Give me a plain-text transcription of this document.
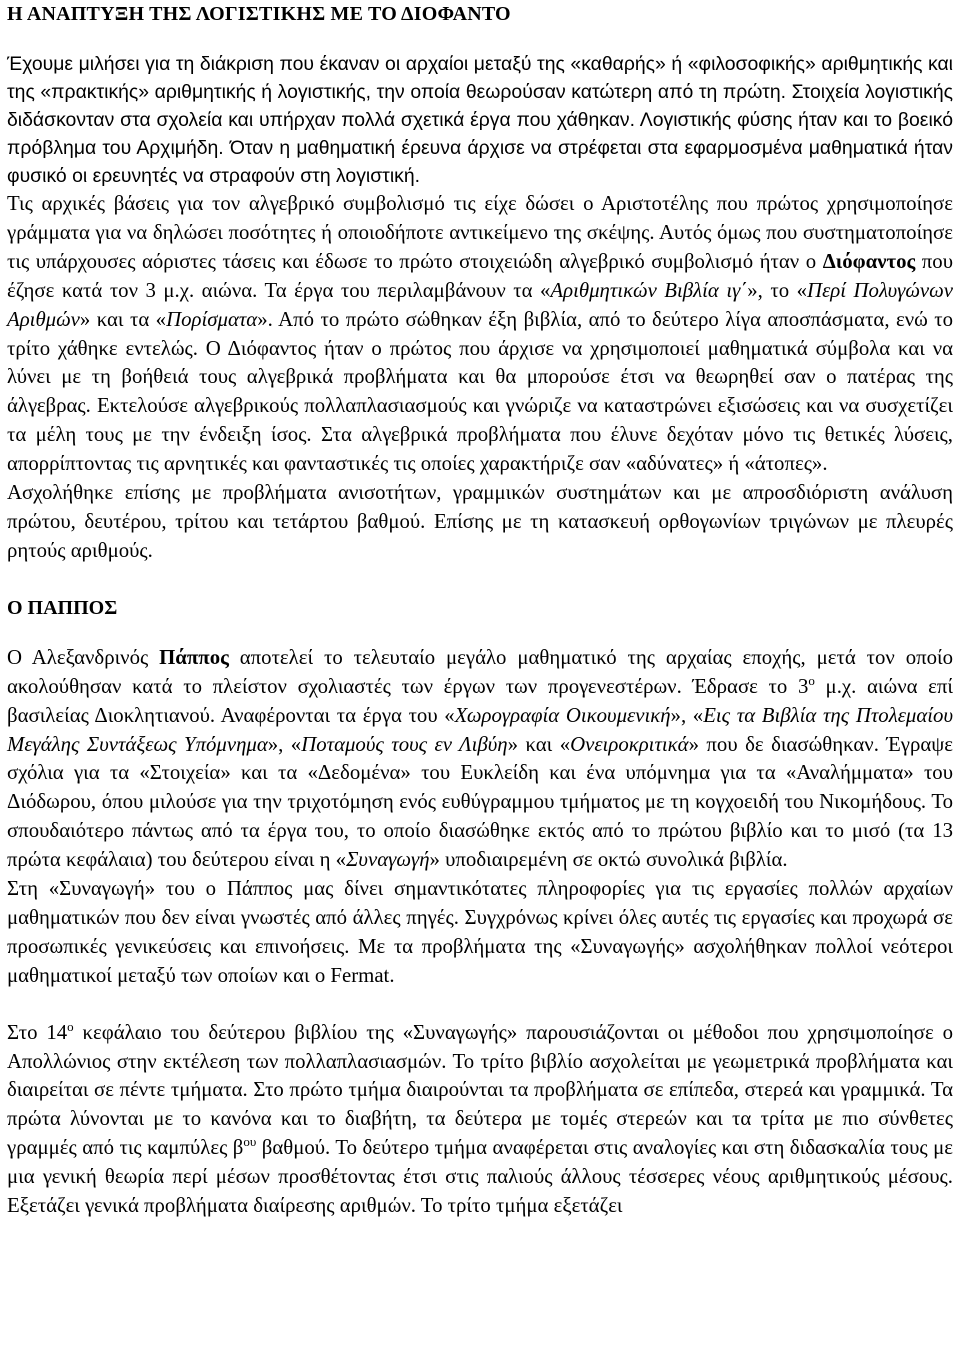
Η ΑΝΑΠΤΥΞΗ ΤΗΣ ΛΟΓΙΣΤΙΚΗΣ ΜΕ ΤΟ ΔΙΟΦΑΝΤΟ

Έχουμε μιλήσει για τη διάκριση που έκαναν οι αρχαίοι μεταξύ της «καθαρής» ή «φιλοσοφικής» αριθμητικής και της «πρακτικής» αριθμητικής ή λογιστικής, την οποία θεωρούσαν κατώτερη από τη πρώτη. Στοιχεία λογιστικής διδάσκονταν στα σχολεία και υπήρχαν πολλά σχετικά έργα που χάθηκαν. Λογιστικής φύσης ήταν και το βοεικό πρόβλημα του Αρχιμήδη. Όταν η μαθηματική έρευνα άρχισε να στρέφεται στα εφαρμοσμένα μαθηματικά ήταν φυσικό οι ερευνητές να στραφούν στη λογιστική.

Τις αρχικές βάσεις για τον αλγεβρικό συμβολισμό τις είχε δώσει ο Αριστοτέλης που πρώτος χρησιμοποίησε γράμματα για να δηλώσει ποσότητες ή οποιοδήποτε αντικείμενο της σκέψης. Αυτός όμως που συστηματοποίησε τις υπάρχουσες αόριστες τάσεις και έδωσε το πρώτο στοιχειώδη αλγεβρικό συμβολισμό ήταν ο Διόφαντος που έζησε κατά τον 3 μ.χ. αιώνα. Τα έργα του περιλαμβάνουν τα «Αριθμητικών Βιβλία ιγ΄», το «Περί Πολυγώνων Αριθμών» και τα «Πορίσματα». Από το πρώτο σώθηκαν έξη βιβλία, από το δεύτερο λίγα αποσπάσματα, ενώ το τρίτο χάθηκε εντελώς. Ο Διόφαντος ήταν ο πρώτος που άρχισε να χρησιμοποιεί μαθηματικά σύμβολα και να λύνει με τη βοήθειά τους αλγεβρικά προβλήματα και θα μπορούσε έτσι να θεωρηθεί σαν ο πατέρας της άλγεβρας. Εκτελούσε αλγεβρικούς πολλαπλασιασμούς και γνώριζε να καταστρώνει εξισώσεις και να συσχετίζει τα μέλη τους με την ένδειξη ίσος. Στα αλγεβρικά προβλήματα που έλυνε δεχόταν μόνο τις θετικές λύσεις, απορρίπτοντας τις αρνητικές και φανταστικές τις οποίες χαρακτήριζε σαν «αδύνατες» ή «άτοπες».

Ασχολήθηκε επίσης με προβλήματα ανισοτήτων, γραμμικών συστημάτων και με απροσδιόριστη ανάλυση πρώτου, δευτέρου, τρίτου και τετάρτου βαθμού. Επίσης με τη κατασκευή ορθογωνίων τριγώνων με πλευρές ρητούς αριθμούς.

Ο ΠΑΠΠΟΣ

Ο Αλεξανδρινός Πάππος αποτελεί το τελευταίο μεγάλο μαθηματικό της αρχαίας εποχής, μετά τον οποίο ακολούθησαν κατά το πλείστον σχολιαστές των έργων των προγενεστέρων. Έδρασε το $3^o$ μ.χ. αιώνα επί βασιλείας Διοκλητιανού. Αναφέρονται τα έργα του «Χωρογραφία Οικουμενική», «Εις τα Βιβλία της Πτολεμαίου Μεγάλης Συντάξεως Υπόμνημα», «Ποταμούς τους εν Λιβύη» και «Ονειροκριτικά» που δε διασώθηκαν. Έγραψε σχόλια για τα «Στοιχεία» και τα «Δεδομένα» του Ευκλείδη και ένα υπόμνημα για τα «Αναλήμματα» του Διόδωρου, όπου μιλούσε για την τριχοτόμηση ενός ευθύγραμμου τμήματος με τη κογχοειδή του Νικομήδους. Το σπουδαιότερο πάντως από τα έργα του, το οποίο διασώθηκε εκτός από το πρώτου βιβλίο και το μισό (τα 13 πρώτα κεφάλαια) του δεύτερου είναι η «Συναγωγή» υποδιαιρεμένη σε οκτώ συνολικά βιβλία.

Στη «Συναγωγή» του ο Πάππος μας δίνει σημαντικότατες πληροφορίες για τις εργασίες πολλών αρχαίων μαθηματικών που δεν είναι γνωστές από άλλες πηγές. Συγχρόνως κρίνει όλες αυτές τις εργασίες και προχωρά σε προσωπικές γενικεύσεις και επινοήσεις. Με τα προβλήματα της «Συναγωγής» ασχολήθηκαν πολλοί νεότεροι μαθηματικοί μεταξύ των οποίων και ο Fermat.

Στο $14^o$ κεφάλαιο του δεύτερου βιβλίου της «Συναγωγής» παρουσιάζονται οι μέθοδοι που χρησιμοποίησε ο Απολλώνιος στην εκτέλεση των πολλαπλασιασμών. Το τρίτο βιβλίο ασχολείται με γεωμετρικά προβλήματα και διαιρείται σε πέντε τμήματα. Στο πρώτο τμήμα διαιρούνται τα προβλήματα σε επίπεδα, στερεά και γραμμικά. Τα πρώτα λύνονται με το κανόνα και το διαβήτη, τα δεύτερα με τομές στερεών και τα τρίτα με πιο σύνθετες γραμμές από τις καμπύλες $\beta^{o\upsilon}$ βαθμού. Το δεύτερο τμήμα αναφέρεται στις αναλογίες και στη διδασκαλία τους με μια γενική θεωρία περί μέσων προσθέτοντας έτσι στις παλιούς άλλους τέσσερες νέους αριθμητικούς μέσους. Εξετάζει γενικά προβλήματα διαίρεσης αριθμών. Το τρίτο τμήμα εξετάζει
